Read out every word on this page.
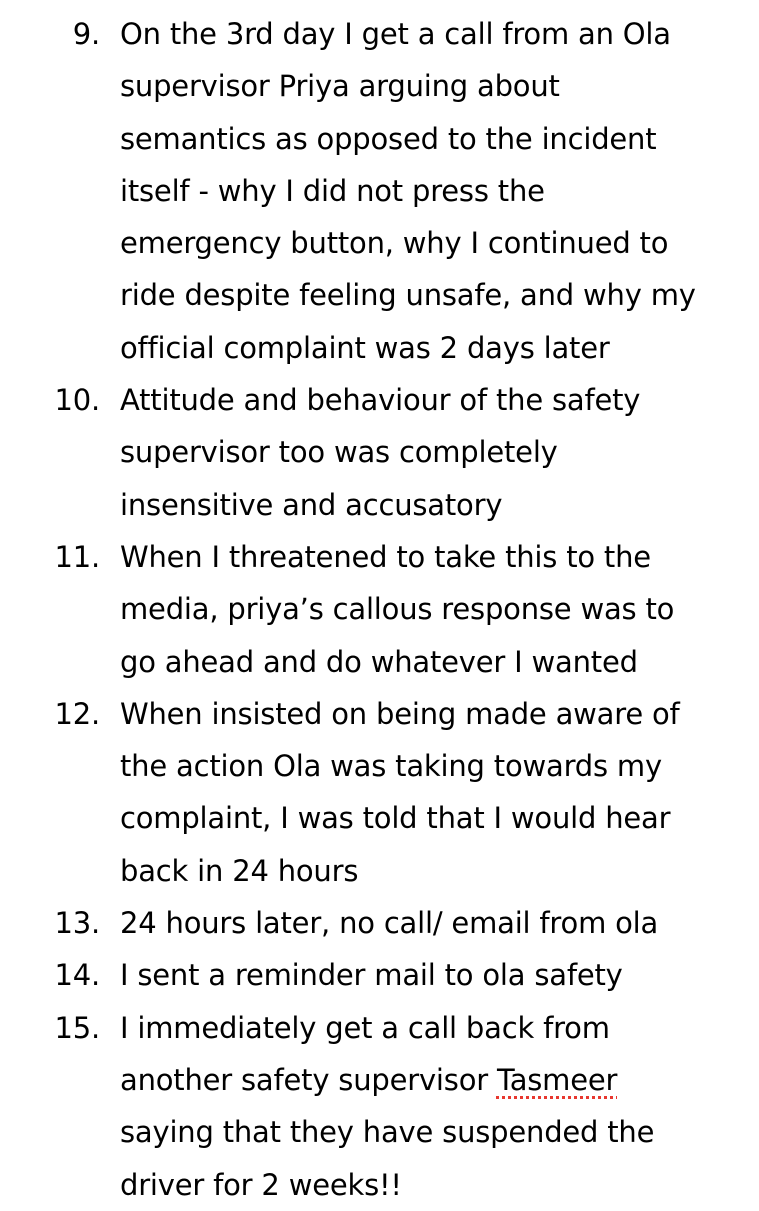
9. On the 3rd day I get a call from an Ola
supervisor Priya arguing about
semantics as opposed to the incident
itself - why I did not press the
emergency button, why I continued to
ride despite feeling unsafe, and why my
official complaint was 2 days later
10. Attitude and behaviour of the safety
supervisor too was completely
insensitive and accusatory
11. When I threatened to take this to the
media, priya’s callous response was to
go ahead and do whatever I wanted
12. When insisted on being made aware of
the action Ola was taking towards my
complaint, I was told that I would hear
back in 24 hours
13. 24 hours later, no call/ email from ola
14. I sent a reminder mail to ola safety
15. I immediately get a call back from
another safety supervisor Tasmeer
saying that they have suspended the
driver for 2 weeks!!
